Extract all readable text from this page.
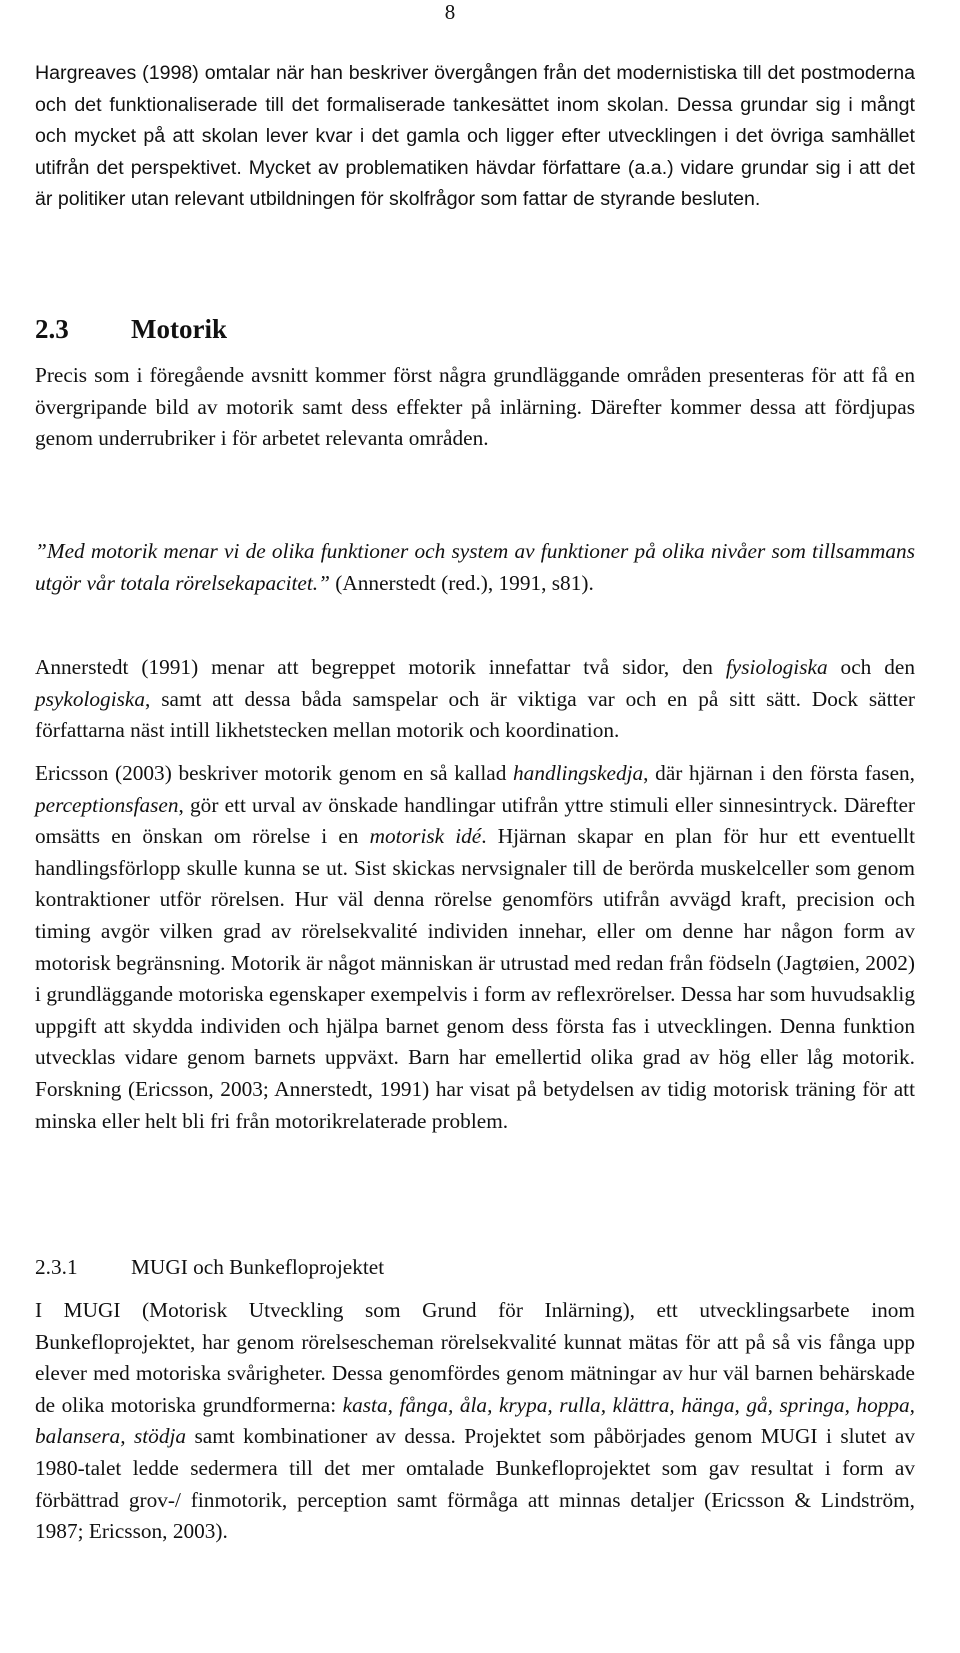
8

Hargreaves (1998) omtalar när han beskriver övergången från det modernistiska till det postmoderna och det funktionaliserade till det formaliserade tankesättet inom skolan. Dessa grundar sig i mångt och mycket på att skolan lever kvar i det gamla och ligger efter utvecklingen i det övriga samhället utifrån det perspektivet. Mycket av problematiken hävdar författare (a.a.) vidare grundar sig i att det är politiker utan relevant utbildningen för skolfrågor som fattar de styrande besluten.

2.3 Motorik

Precis som i föregående avsnitt kommer först några grundläggande områden presenteras för att få en övergripande bild av motorik samt dess effekter på inlärning. Därefter kommer dessa att fördjupas genom underrubriker i för arbetet relevanta områden.

”Med motorik menar vi de olika funktioner och system av funktioner på olika nivåer som tillsammans utgör vår totala rörelsekapacitet.” (Annerstedt (red.), 1991, s81).

Annerstedt (1991) menar att begreppet motorik innefattar två sidor, den fysiologiska och den psykologiska, samt att dessa båda samspelar och är viktiga var och en på sitt sätt. Dock sätter författarna näst intill likhetstecken mellan motorik och koordination.

Ericsson (2003) beskriver motorik genom en så kallad handlingskedja, där hjärnan i den första fasen, perceptionsfasen, gör ett urval av önskade handlingar utifrån yttre stimuli eller sinnesintryck. Därefter omsätts en önskan om rörelse i en motorisk idé. Hjärnan skapar en plan för hur ett eventuellt handlingsförlopp skulle kunna se ut. Sist skickas nervsignaler till de berörda muskelceller som genom kontraktioner utför rörelsen. Hur väl denna rörelse genomförs utifrån avvägd kraft, precision och timing avgör vilken grad av rörelsekvalité individen innehar, eller om denne har någon form av motorisk begränsning. Motorik är något människan är utrustad med redan från födseln (Jagtøien, 2002) i grundläggande motoriska egenskaper exempelvis i form av reflexrörelser. Dessa har som huvudsaklig uppgift att skydda individen och hjälpa barnet genom dess första fas i utvecklingen. Denna funktion utvecklas vidare genom barnets uppväxt. Barn har emellertid olika grad av hög eller låg motorik. Forskning (Ericsson, 2003; Annerstedt, 1991) har visat på betydelsen av tidig motorisk träning för att minska eller helt bli fri från motorikrelaterade problem.

2.3.1	MUGI och Bunkefloprojektet

I MUGI (Motorisk Utveckling som Grund för Inlärning), ett utvecklingsarbete inom Bunkefloprojektet, har genom rörelsescheman rörelsekvalité kunnat mätas för att på så vis fånga upp elever med motoriska svårigheter. Dessa genomfördes genom mätningar av hur väl barnen behärskade de olika motoriska grundformerna: kasta, fånga, åla, krypa, rulla, klättra, hänga, gå, springa, hoppa, balansera, stödja samt kombinationer av dessa. Projektet som påbörjades genom MUGI i slutet av 1980-talet ledde sedermera till det mer omtalade Bunkefloprojektet som gav resultat i form av förbättrad grov-/ finmotorik, perception samt förmåga att minnas detaljer (Ericsson & Lindström, 1987; Ericsson, 2003).
